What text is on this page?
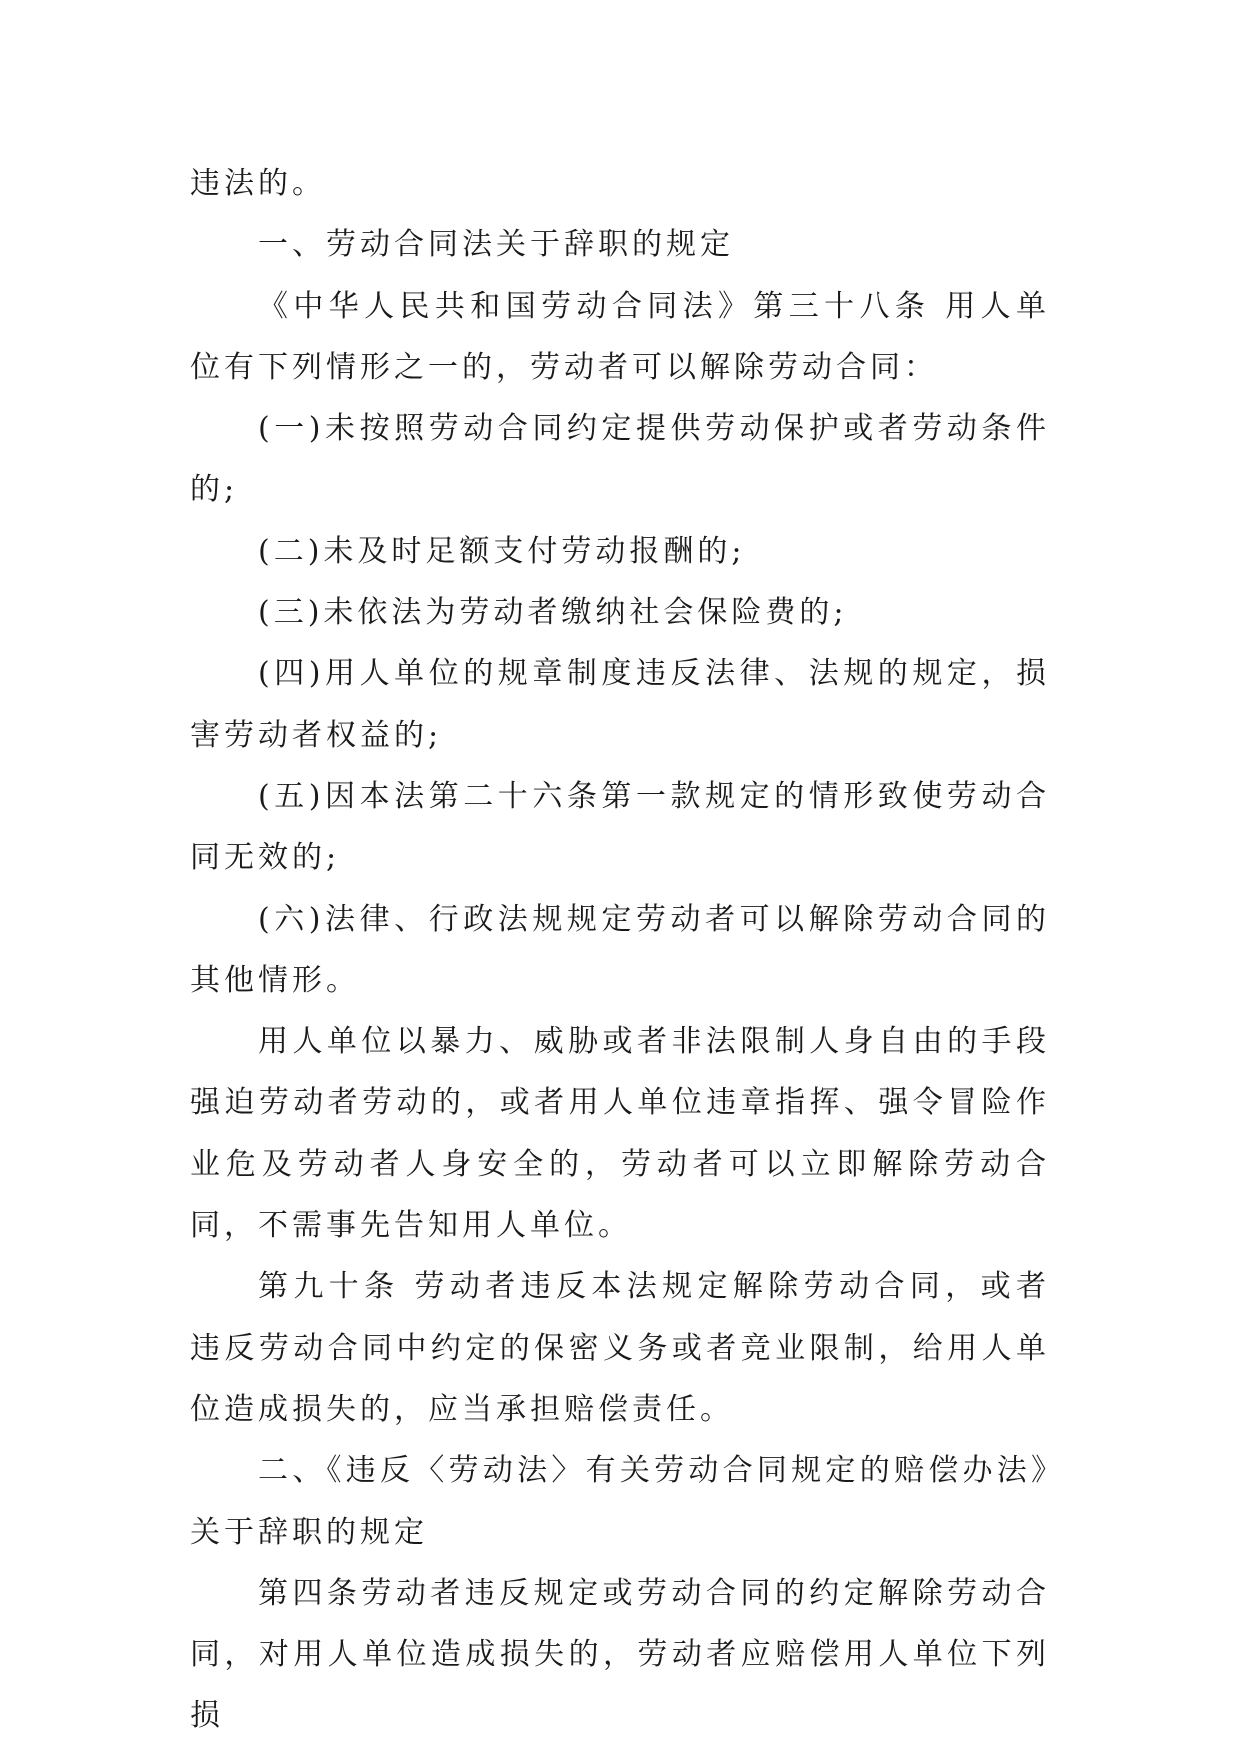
违法的。

一、劳动合同法关于辞职的规定

《中华人民共和国劳动合同法》第三十八条 用人单位有下列情形之一的，劳动者可以解除劳动合同：

(一)未按照劳动合同约定提供劳动保护或者劳动条件的;

(二)未及时足额支付劳动报酬的;

(三)未依法为劳动者缴纳社会保险费的;

(四)用人单位的规章制度违反法律、法规的规定，损害劳动者权益的;

(五)因本法第二十六条第一款规定的情形致使劳动合同无效的;

(六)法律、行政法规规定劳动者可以解除劳动合同的其他情形。

用人单位以暴力、威胁或者非法限制人身自由的手段强迫劳动者劳动的，或者用人单位违章指挥、强令冒险作业危及劳动者人身安全的，劳动者可以立即解除劳动合同，不需事先告知用人单位。

第九十条 劳动者违反本法规定解除劳动合同，或者违反劳动合同中约定的保密义务或者竞业限制，给用人单位造成损失的，应当承担赔偿责任。

二、《违反〈劳动法〉有关劳动合同规定的赔偿办法》关于辞职的规定

第四条劳动者违反规定或劳动合同的约定解除劳动合同，对用人单位造成损失的，劳动者应赔偿用人单位下列损
